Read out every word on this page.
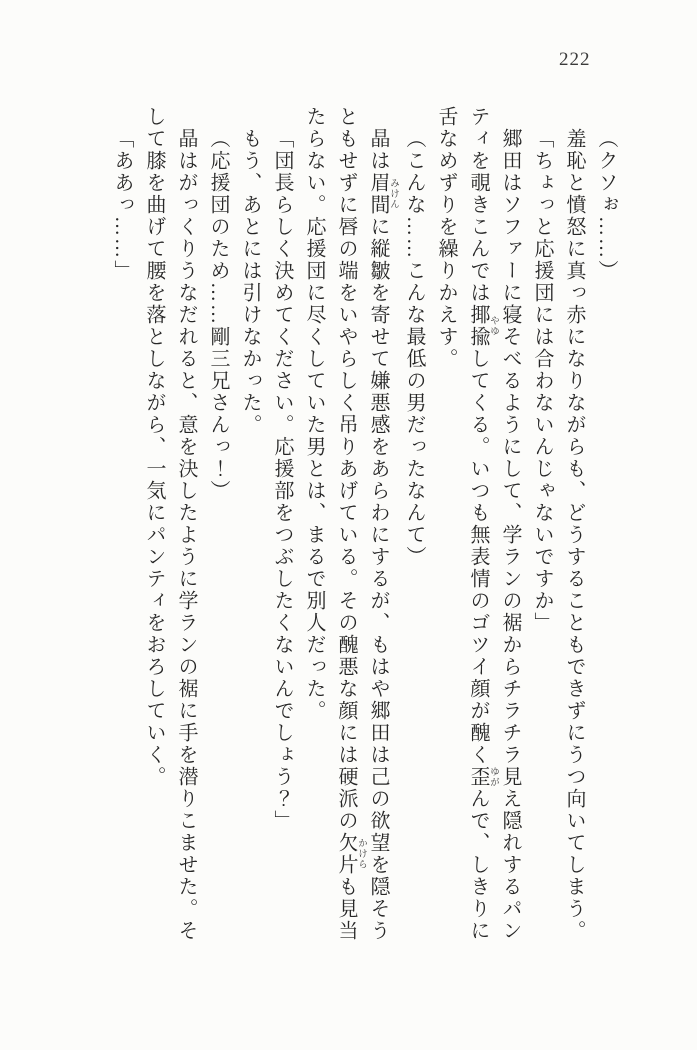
222

（クソぉ……）

羞恥と憤怒に真っ赤になりながらも、どうすることもできずにうつ向いてしまう。

「ちょっと応援団には合わないんじゃないですか」

郷田はソファーに寝そべるようにして、学ランの裾からチラチラ見え隠れするパンティを覗きこんでは揶揄 やゆしてくる。いつも無表情のゴツイ顔が醜く歪 ゆがんで、しきりに舌なめずりを繰りかえす。

（こんな……こんな最低の男だったなんて）

晶は眉間 みけんに縦皺を寄せて嫌悪感をあらわにするが、もはや郷田は己の欲望を隠そうともせずに唇の端をいやらしく吊りあげている。その醜悪な顔には硬派の欠片 かけらも見当たらない。応援団に尽くしていた男とは、まるで別人だった。

「団長らしく決めてください。応援部をつぶしたくないんでしょう？」

もう、あとには引けなかった。

（応援団のため……剛三兄さんっ！）

晶はがっくりうなだれると、意を決したように学ランの裾に手を潜りこませた。そして膝を曲げて腰を落としながら、一気にパンティをおろしていく。

「ああっ……」
